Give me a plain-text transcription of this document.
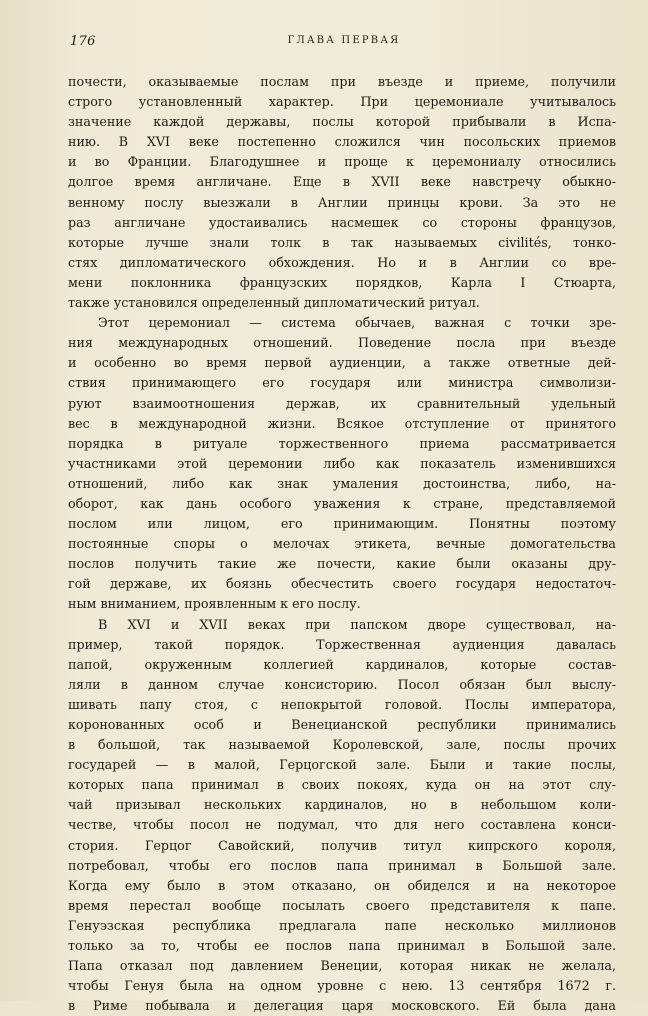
176	ГЛАВА ПЕРВАЯ
почести, оказываемые послам при въезде и приеме, получили
строго установленный характер. При церемониале учитывалось
значение каждой державы, послы которой прибывали в Испа-
нию. В XVI веке постепенно сложился чин посольских приемов
и во Франции. Благодушнее и проще к церемониалу относились
долгое время англичане. Еще в XVII веке навстречу обыкно-
венному послу выезжали в Англии принцы крови. За это не
раз англичане удостаивались насмешек со стороны французов,
которые лучше знали толк в так называемых civilités, тонко-
стях дипломатического обхождения. Но и в Англии со вре-
мени поклонника французских порядков, Карла I Стюарта,
также установился определенный дипломатический ритуал.
Этот церемониал — система обычаев, важная с точки зре-
ния международных отношений. Поведение посла при въезде
и особенно во время первой аудиенции, а также ответные дей-
ствия принимающего его государя или министра символизи-
руют взаимоотношения держав, их сравнительный удельный
вес в международной жизни. Всякое отступление от принятого
порядка в ритуале торжественного приема рассматривается
участниками этой церемонии либо как показатель изменившихся
отношений, либо как знак умаления достоинства, либо, на-
оборот, как дань особого уважения к стране, представляемой
послом или лицом, его принимающим. Понятны поэтому
постоянные споры о мелочах этикета, вечные домогательства
послов получить такие же почести, какие были оказаны дру-
гой державе, их боязнь обесчестить своего государя недостаточ-
ным вниманием, проявленным к его послу.
В XVI и XVII веках при папском дворе существовал, на-
пример, такой порядок. Торжественная аудиенция давалась
папой, окруженным коллегией кардиналов, которые состав-
ляли в данном случае консисторию. Посол обязан был выслу-
шивать папу стоя, с непокрытой головой. Послы императора,
коронованных особ и Венецианской республики принимались
в большой, так называемой Королевской, зале, послы прочих
государей — в малой, Герцогской зале. Были и такие послы,
которых папа принимал в своих покоях, куда он на этот слу-
чай призывал нескольких кардиналов, но в небольшом коли-
честве, чтобы посол не подумал, что для него составлена конси-
стория. Герцог Савойский, получив титул кипрского короля,
потребовал, чтобы его послов папа принимал в Большой зале.
Когда ему было в этом отказано, он обиделся и на некоторое
время перестал вообще посылать своего представителя к папе.
Генуэзская республика предлагала папе несколько миллионов
только за то, чтобы ее послов папа принимал в Большой зале.
Папа отказал под давлением Венеции, которая никак не желала,
чтобы Генуя была на одном уровне с нею. 13 сентября 1672 г.
в Риме побывала и делегация царя московского. Ей была дана
